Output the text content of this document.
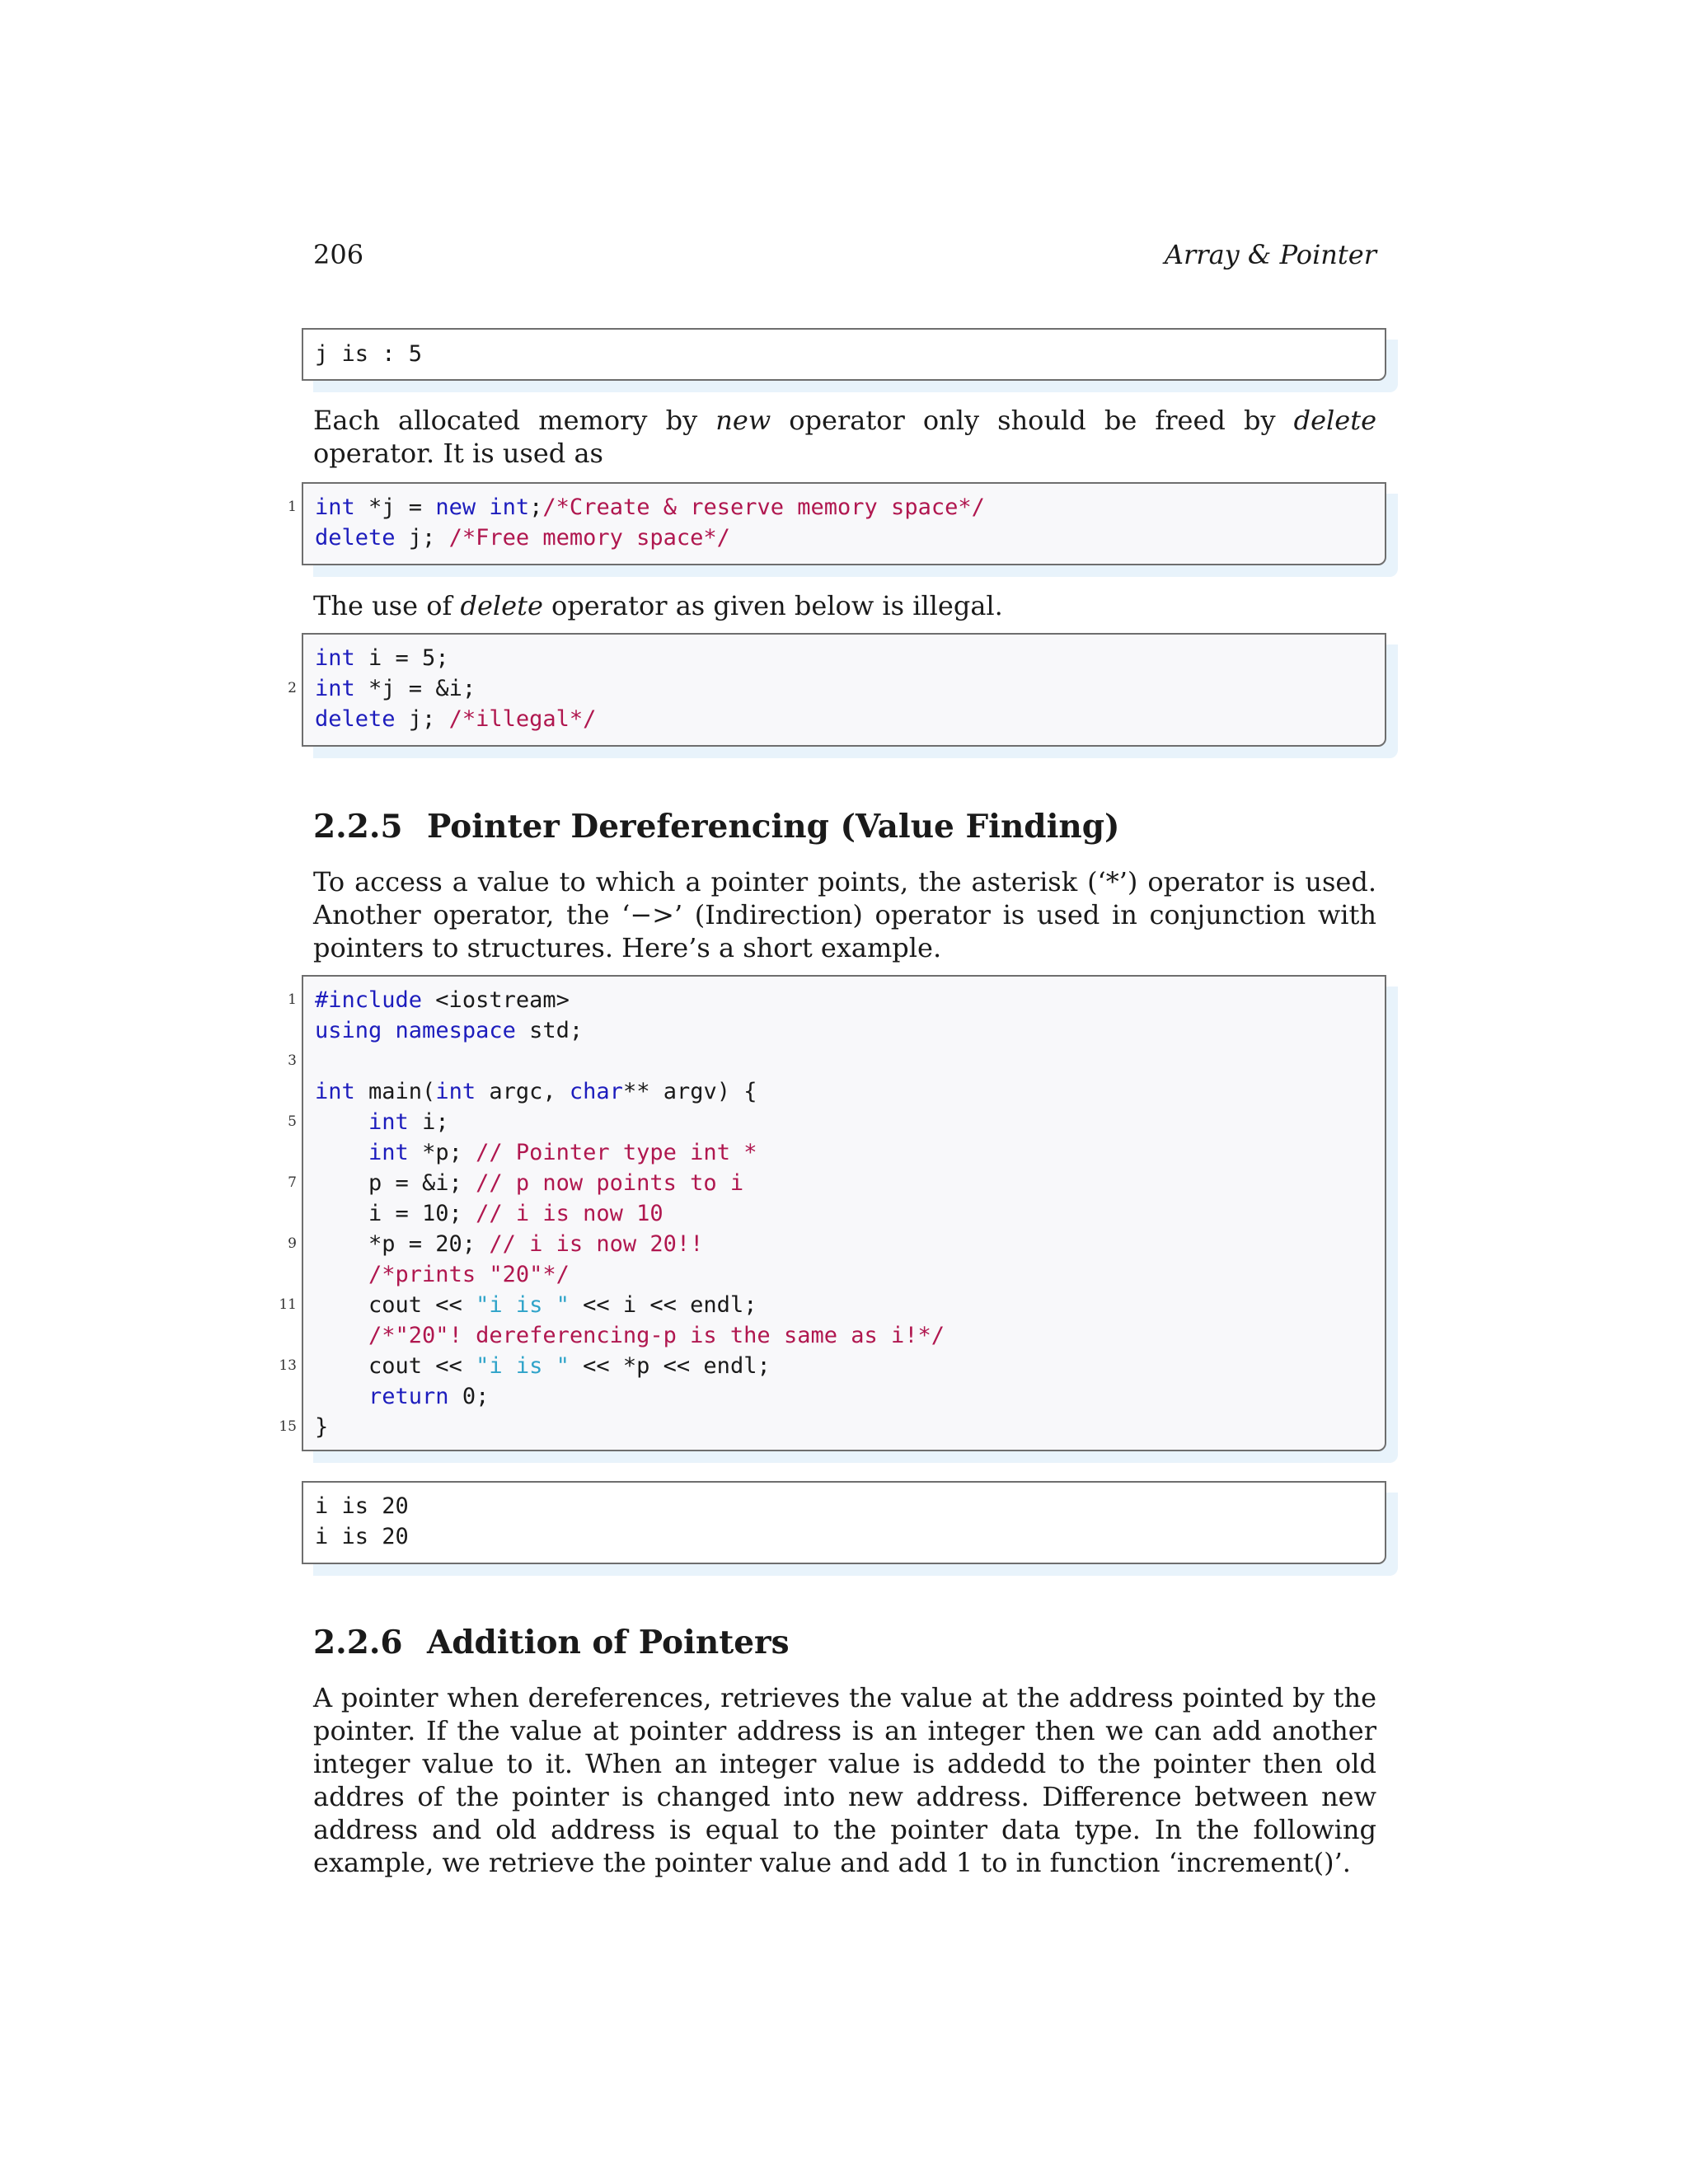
206	Array & Pointer
j is : 5

Each allocated memory by new operator only should be freed by delete operator. It is used as

1 int *j = new int;/*Create & reserve memory space*/
delete j; /*Free memory space*/

The use of delete operator as given below is illegal.

int i = 5;
2 int *j = &i;
delete j; /*illegal*/
2.2.5 Pointer Dereferencing (Value Finding)

To access a value to which a pointer points, the asterisk (‘*’) operator is used. Another operator, the ‘−>’ (Indirection) operator is used in conjunction with pointers to structures. Here’s a short example.

1 #include <iostream>
using namespace std;
3
int main(int argc, char** argv) {
5	int i;
int *p; // Pointer type int *
7 p = &i; // p now points to i
i = 10; // i is now 10
9 *p = 20; // i is now 20!!
/*prints "20"*/
11 cout << "i is " << i << endl;
/*"20"! dereferencing-p is the same as i!*/
13 cout << "i is " << *p << endl;
return 0;
15 }
i is 20
i is 20
2.2.6 Addition of Pointers

A pointer when dereferences, retrieves the value at the address pointed by the pointer. If the value at pointer address is an integer then we can add another integer value to it. When an integer value is addedd to the pointer then old addres of the pointer is changed into new address. Difference between new address and old address is equal to the pointer data type. In the following example, we retrieve the pointer value and add 1 to in function ‘increment()’.
